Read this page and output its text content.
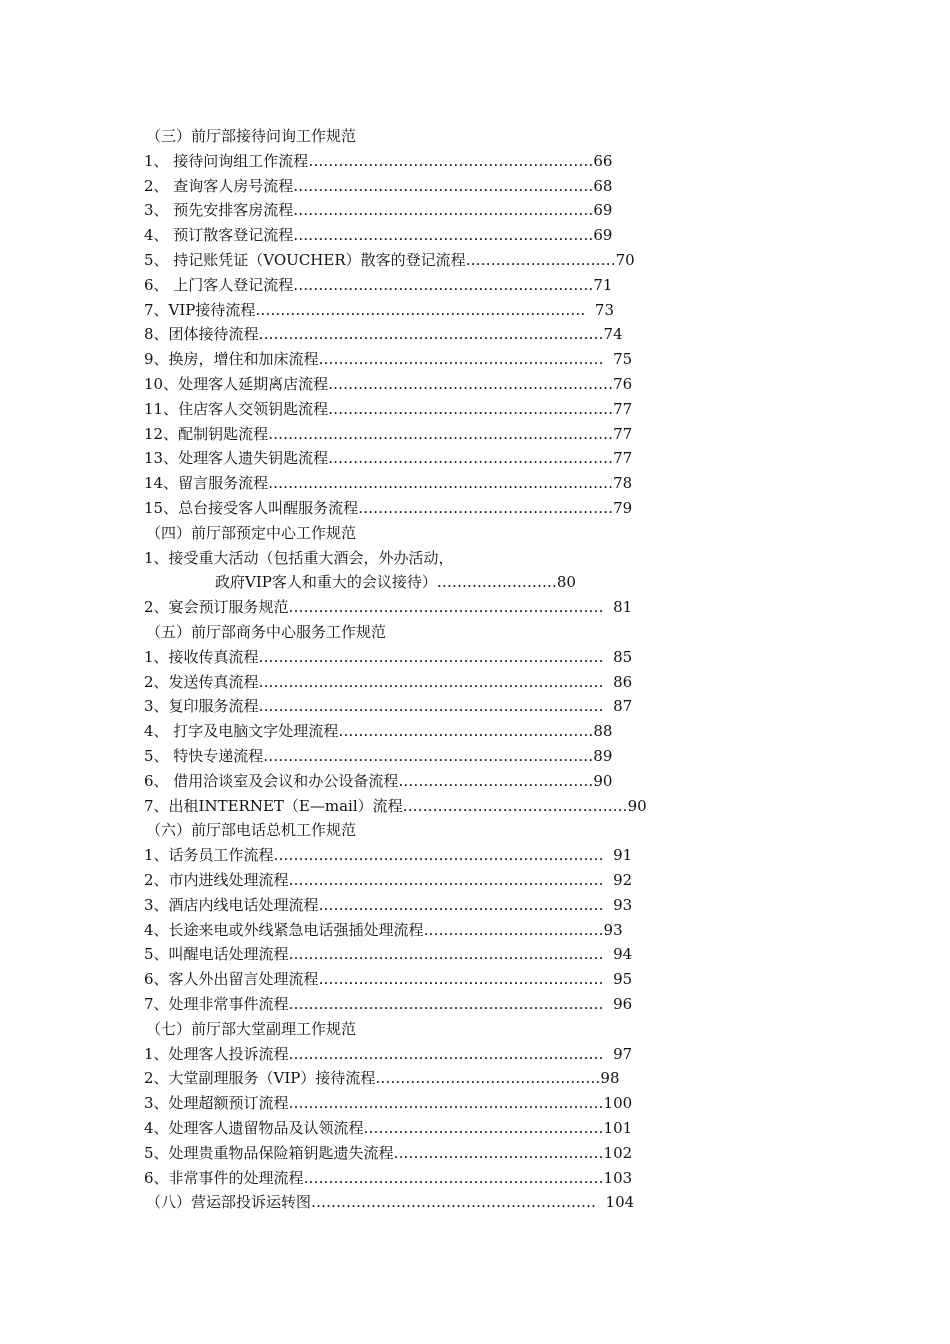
（三）前厅部接待问询工作规范
1、 接待问询组工作流程…………………………………………………66
2、 查询客人房号流程……………………………………………………68
3、 预先安排客房流程……………………………………………………69
4、 预订散客登记流程……………………………………………………69
5、 持记账凭证（VOUCHER）散客的登记流程…………………………70
6、 上门客人登记流程……………………………………………………71
7、VIP接待流程…………………………………………………………  73
8、团体接待流程……………………………………………………………74
9、换房，增住和加床流程…………………………………………………  75
10、处理客人延期离店流程…………………………………………………76
11、住店客人交领钥匙流程…………………………………………………77
12、配制钥匙流程……………………………………………………………77
13、处理客人遗失钥匙流程…………………………………………………77
14、留言服务流程……………………………………………………………78
15、总台接受客人叫醒服务流程……………………………………………79
（四）前厅部预定中心工作规范
1、接受重大活动（包括重大酒会，外办活动，
政府VIP客人和重大的会议接待）……………………80
2、宴会预订服务规范………………………………………………………  81
（五）前厅部商务中心服务工作规范
1、接收传真流程……………………………………………………………  85
2、发送传真流程……………………………………………………………  86
3、复印服务流程……………………………………………………………  87
4、 打字及电脑文字处理流程……………………………………………88
5、 特快专递流程…………………………………………………………89
6、 借用洽谈室及会议和办公设备流程…………………………………90
7、出租INTERNET（E—mail）流程………………………………………90
（六）前厅部电话总机工作规范
1、话务员工作流程…………………………………………………………  91
2、市内进线处理流程………………………………………………………  92
3、酒店内线电话处理流程…………………………………………………  93
4、长途来电或外线紧急电话强插处理流程………………………………93
5、叫醒电话处理流程………………………………………………………  94
6、客人外出留言处理流程…………………………………………………  95
7、处理非常事件流程………………………………………………………  96
（七）前厅部大堂副理工作规范
1、处理客人投诉流程………………………………………………………  97
2、大堂副理服务（VIP）接待流程………………………………………98
3、处理超额预订流程………………………………………………………100
4、处理客人遗留物品及认领流程…………………………………………101
5、处理贵重物品保险箱钥匙遗失流程……………………………………102
6、非常事件的处理流程……………………………………………………103
（八）营运部投诉运转图…………………………………………………  104
